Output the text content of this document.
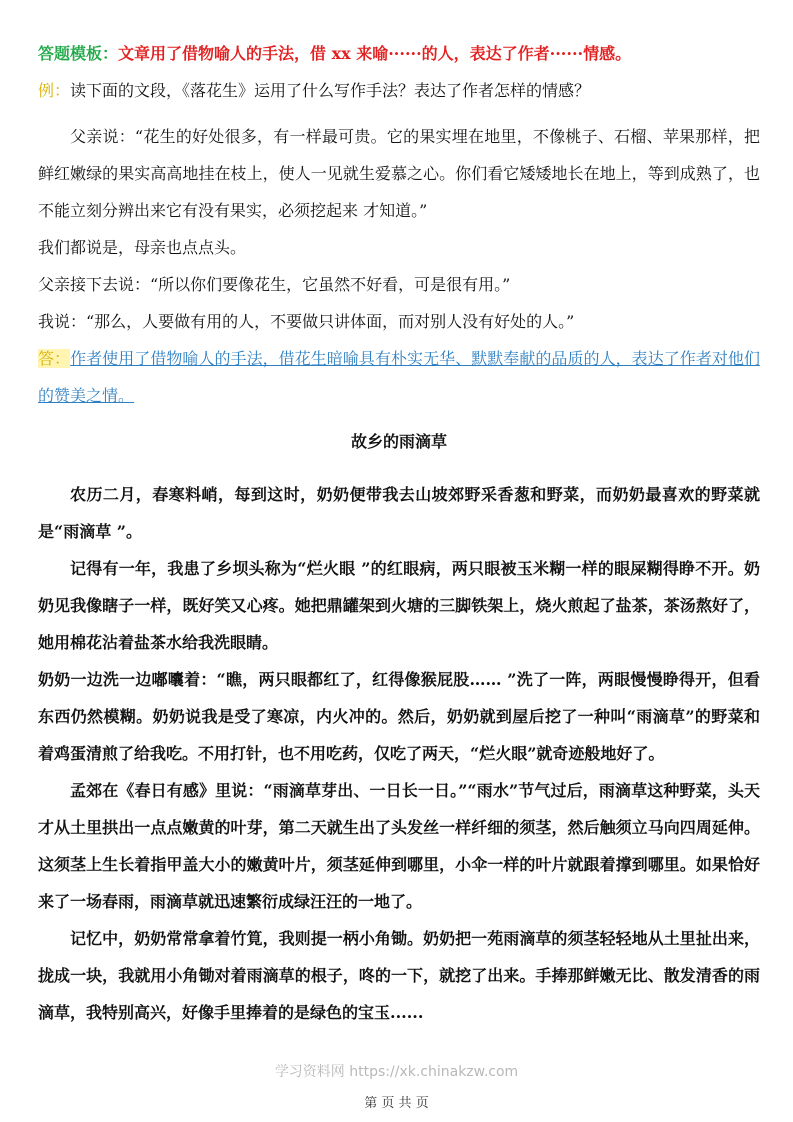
答题模板：文章用了借物喻人的手法，借 xx 来喻······的人，表达了作者······情感。

例：读下面的文段，《落花生》运用了什么写作手法？表达了作者怎样的情感？

父亲说：“花生的好处很多，有一样最可贵。它的果实埋在地里，不像桃子、石榴、苹果那样，把鲜红嫩绿的果实高高地挂在枝上，使人一见就生爱慕之心。你们看它矮矮地长在地上，等到成熟了，也不能立刻分辨出来它有没有果实，必须挖起来 才知道。”

我们都说是，母亲也点点头。

父亲接下去说：“所以你们要像花生，它虽然不好看，可是很有用。”

我说：“那么，人要做有用的人，不要做只讲体面，而对别人没有好处的人。”

答：作者使用了借物喻人的手法，借花生暗喻具有朴实无华、默默奉献的品质的人，表达了作者对他们的赞美之情。

故乡的雨滴草

农历二月，春寒料峭，每到这时，奶奶便带我去山坡郊野采香葱和野菜，而奶奶最喜欢的野菜就是“雨滴草 ”。

记得有一年，我患了乡坝头称为“烂火眼 ”的红眼病，两只眼被玉米糊一样的眼屎糊得睁不开。奶奶见我像瞎子一样，既好笑又心疼。她把鼎罐架到火塘的三脚铁架上，烧火煎起了盐茶，茶汤熬好了，她用棉花沾着盐茶水给我洗眼睛。

奶奶一边洗一边嘟囔着：“瞧，两只眼都红了，红得像猴屁股…… ”洗了一阵，两眼慢慢睁得开，但看东西仍然模糊。奶奶说我是受了寒凉，内火冲的。然后，奶奶就到屋后挖了一种叫“雨滴草”的野菜和着鸡蛋清煎了给我吃。不用打针，也不用吃药，仅吃了两天，“烂火眼”就奇迹般地好了。

孟郊在《春日有感》里说：“雨滴草芽出、一日长一日。”“雨水”节气过后，雨滴草这种野菜，头天才从土里拱出一点点嫩黄的叶芽，第二天就生出了头发丝一样纤细的须茎，然后触须立马向四周延伸。这须茎上生长着指甲盖大小的嫩黄叶片，须茎延伸到哪里，小伞一样的叶片就跟着撑到哪里。如果恰好来了一场春雨，雨滴草就迅速繁衍成绿汪汪的一地了。

记忆中，奶奶常常拿着竹筧，我则提一柄小角锄。奶奶把一苑雨滴草的须茎轻轻地从土里扯出来，拢成一块，我就用小角锄对着雨滴草的根子，咚的一下，就挖了出来。手捧那鲜嫩无比、散发清香的雨滴草，我特别高兴，好像手里捧着的是绿色的宝玉......

学习资料网 https://xk.chinakzw.com
第 页 共 页
